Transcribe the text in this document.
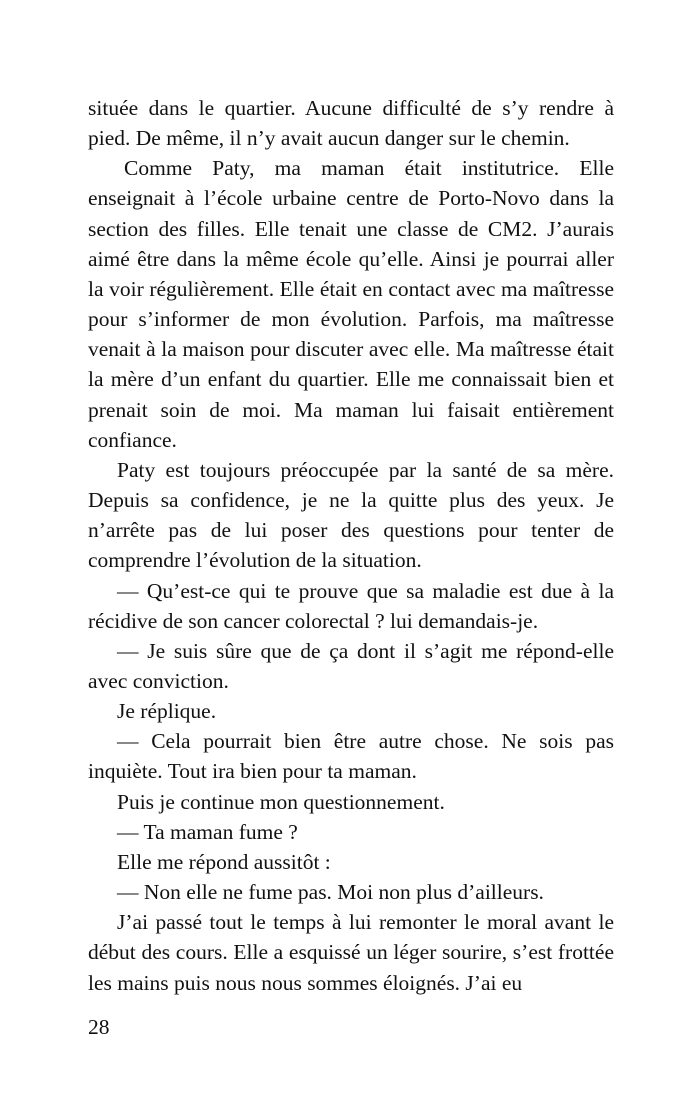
située dans le quartier. Aucune difficulté de s’y rendre à pied. De même, il n’y avait aucun danger sur le chemin.

Comme Paty, ma maman était institutrice. Elle enseignait à l’école urbaine centre de Porto-Novo dans la section des filles. Elle tenait une classe de CM2. J’aurais aimé être dans la même école qu’elle. Ainsi je pourrai aller la voir régulièrement. Elle était en contact avec ma maîtresse pour s’informer de mon évolution. Parfois, ma maîtresse venait à la maison pour discuter avec elle. Ma maîtresse était la mère d’un enfant du quartier. Elle me connaissait bien et prenait soin de moi. Ma maman lui faisait entièrement confiance.

Paty est toujours préoccupée par la santé de sa mère. Depuis sa confidence, je ne la quitte plus des yeux. Je n’arrête pas de lui poser des questions pour tenter de comprendre l’évolution de la situation.

— Qu’est-ce qui te prouve que sa maladie est due à la récidive de son cancer colorectal ? lui demandais-je.

— Je suis sûre que de ça dont il s’agit me répond-elle avec conviction.

Je réplique.

— Cela pourrait bien être autre chose. Ne sois pas inquiète. Tout ira bien pour ta maman.

Puis je continue mon questionnement.

— Ta maman fume ?

Elle me répond aussitôt :

— Non elle ne fume pas. Moi non plus d’ailleurs.

J’ai passé tout le temps à lui remonter le moral avant le début des cours. Elle a esquissé un léger sourire, s’est frottée les mains puis nous nous sommes éloignés. J’ai eu

28
